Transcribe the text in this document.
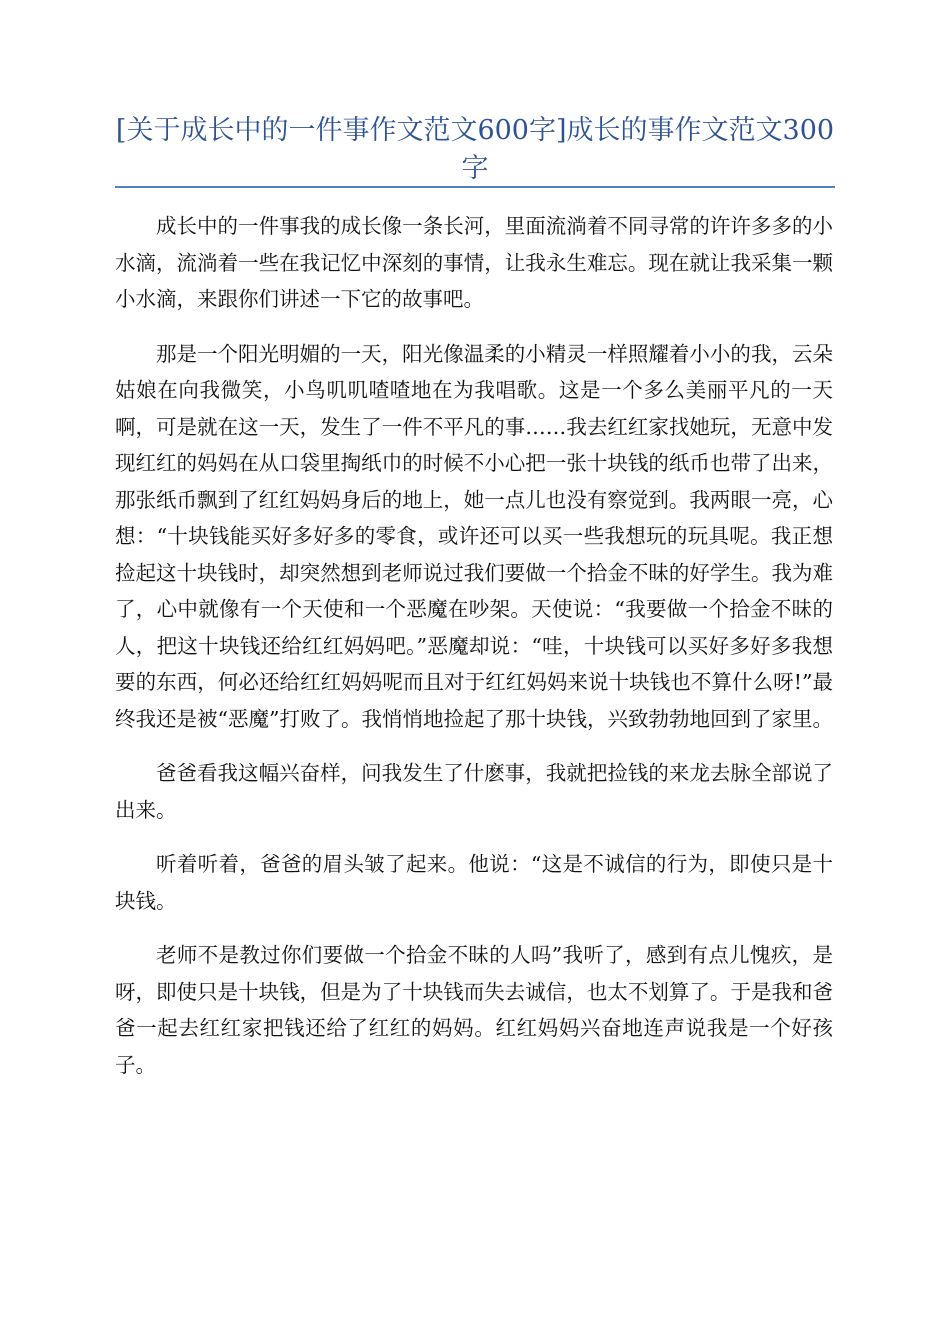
[关于成长中的一件事作文范文600字]成长的事作文范文300字

成长中的一件事我的成长像一条长河，里面流淌着不同寻常的许许多多的小水滴，流淌着一些在我记忆中深刻的事情，让我永生难忘。现在就让我采集一颗小水滴，来跟你们讲述一下它的故事吧。

那是一个阳光明媚的一天，阳光像温柔的小精灵一样照耀着小小的我，云朵姑娘在向我微笑，小鸟叽叽喳喳地在为我唱歌。这是一个多么美丽平凡的一天啊，可是就在这一天，发生了一件不平凡的事……我去红红家找她玩，无意中发现红红的妈妈在从口袋里掏纸巾的时候不小心把一张十块钱的纸币也带了出来，那张纸币飘到了红红妈妈身后的地上，她一点儿也没有察觉到。我两眼一亮，心想：“十块钱能买好多好多的零食，或许还可以买一些我想玩的玩具呢。我正想捡起这十块钱时，却突然想到老师说过我们要做一个拾金不昧的好学生。我为难了，心中就像有一个天使和一个恶魔在吵架。天使说：“我要做一个拾金不昧的人，把这十块钱还给红红妈妈吧。”恶魔却说：“哇，十块钱可以买好多好多我想要的东西，何必还给红红妈妈呢而且对于红红妈妈来说十块钱也不算什么呀!”最终我还是被“恶魔”打败了。我悄悄地捡起了那十块钱，兴致勃勃地回到了家里。

爸爸看我这幅兴奋样，问我发生了什麽事，我就把捡钱的来龙去脉全部说了出来。

听着听着，爸爸的眉头皱了起来。他说：“这是不诚信的行为，即使只是十块钱。

老师不是教过你们要做一个拾金不昧的人吗”我听了，感到有点儿愧疚，是呀，即使只是十块钱，但是为了十块钱而失去诚信，也太不划算了。于是我和爸爸一起去红红家把钱还给了红红的妈妈。红红妈妈兴奋地连声说我是一个好孩子。
